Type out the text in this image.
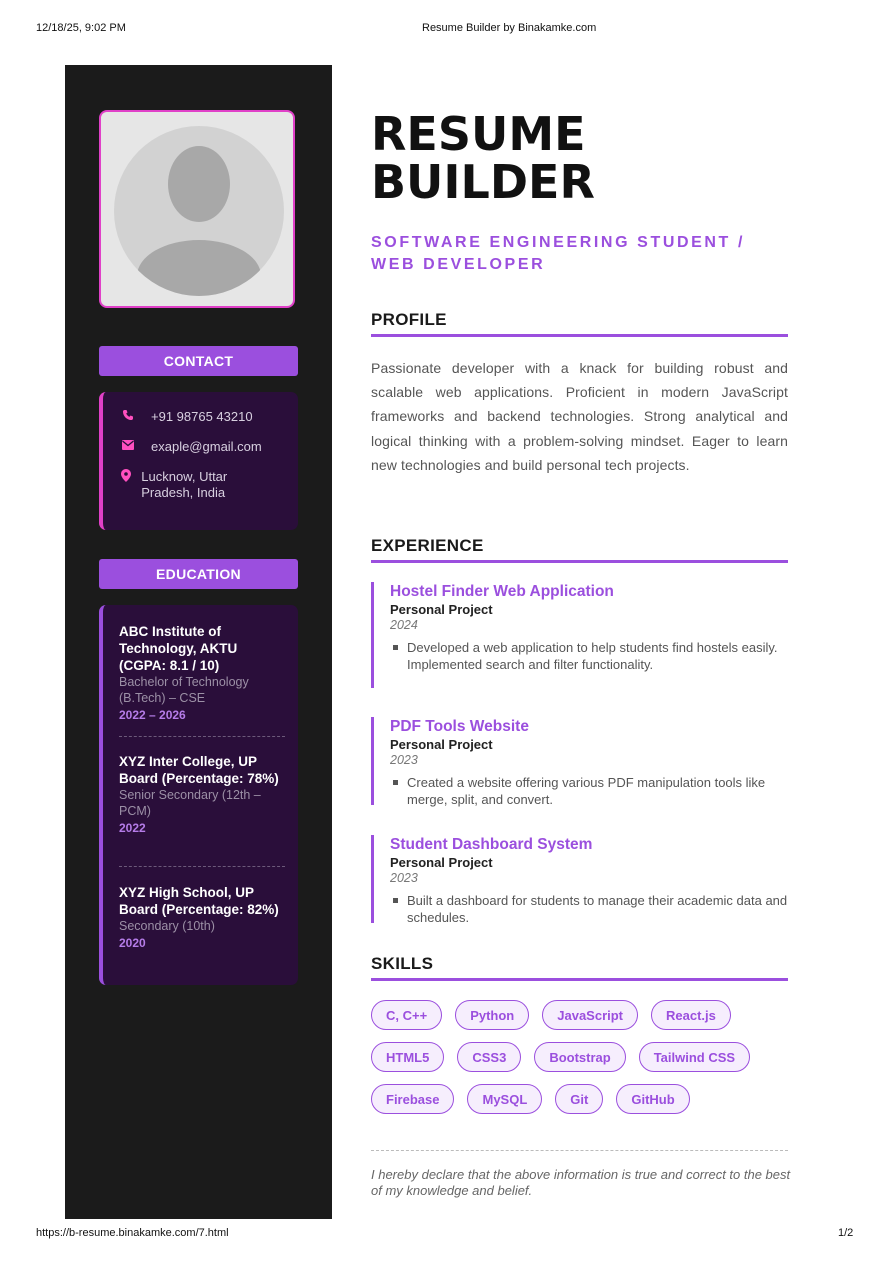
12/18/25, 9:02 PM	Resume Builder by Binakamke.com
https://b-resume.binakamke.com/7.html	1/2
CONTACT
+91 98765 43210
exaple@gmail.com
Lucknow, Uttar Pradesh, India
EDUCATION
ABC Institute of Technology, AKTU (CGPA: 8.1 / 10)
Bachelor of Technology (B.Tech) – CSE
2022 – 2026
XYZ Inter College, UP Board (Percentage: 78%)
Senior Secondary (12th – PCM)
2022
XYZ High School, UP Board (Percentage: 82%)
Secondary (10th)
2020
RESUME
BUILDER
SOFTWARE ENGINEERING STUDENT / WEB DEVELOPER
PROFILE
Passionate developer with a knack for building robust and scalable web applications. Proficient in modern JavaScript frameworks and backend technologies. Strong analytical and logical thinking with a problem-solving mindset. Eager to learn new technologies and build personal tech projects.
EXPERIENCE
Hostel Finder Web Application
Personal Project
2024
Developed a web application to help students find hostels easily. Implemented search and filter functionality.
PDF Tools Website
Personal Project
2023
Created a website offering various PDF manipulation tools like merge, split, and convert.
Student Dashboard System
Personal Project
2023
Built a dashboard for students to manage their academic data and schedules.
SKILLS
C, C++	Python	JavaScript	React.js
HTML5	CSS3	Bootstrap	Tailwind CSS
Firebase	MySQL	Git	GitHub
I hereby declare that the above information is true and correct to the best of my knowledge and belief.
